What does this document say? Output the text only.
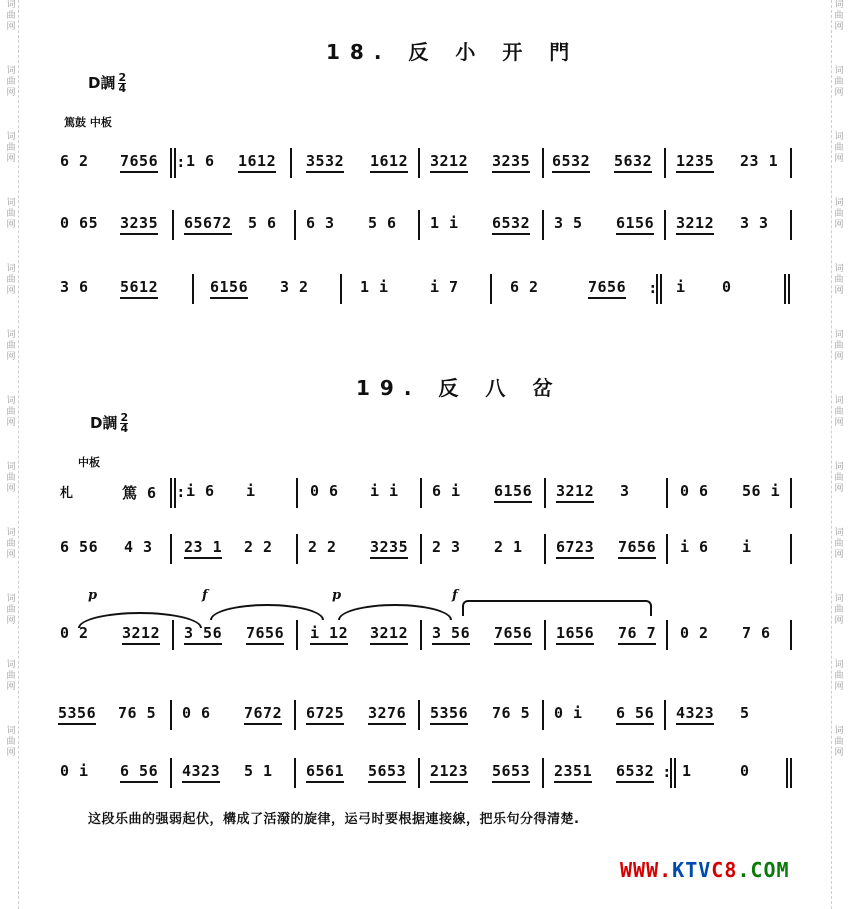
词曲网
词曲网
词曲网
词曲网
词曲网
词曲网
词曲网
词曲网
词曲网
词曲网
词曲网
词曲网
词曲网
词曲网
词曲网
词曲网
词曲网
词曲网
词曲网
词曲网
词曲网
词曲网
词曲网
词曲网
18. 反 小 开 門
D調 $\frac{2}{4}$
篤鼓 中板
6 2 7656 : 1 6 1612 3532 1612 3212 3235 6532 5632 1235 23 1
0 65 3235 65672 5 6 6 3 5 6 1 i 6532 3 5 6156 3212 3 3
3 6 5612	6156 3 2	1 i	i 7	6 2	7656 : i 0
19. 反 八 岔
D調 $\frac{2}{4}$
中板
札	篤 6 : i 6 i	0 6 i i 6 i 6156 3212 3	0 6 56 i
6 56 4 3 23 1 2 2 2 2 3235 2 3 2 1 6723 7656 i 6 i
p	f	p	f
0 2 3212 3 56 7656 i 12 3212 3 56 7656 1656 76 7 0 2 7 6
5356 76 5 0 6 7672 6725 3276 5356 76 5 0 i 6 56 4323 5
0 i 6 56 4323 5 1 6561 5653 2123 5653 2351 6532 : 1	0
这段乐曲的强弱起伏，構成了活潑的旋律，运弓时要根据連接線，把乐句分得清楚.
WWW.KTVC8.COM
